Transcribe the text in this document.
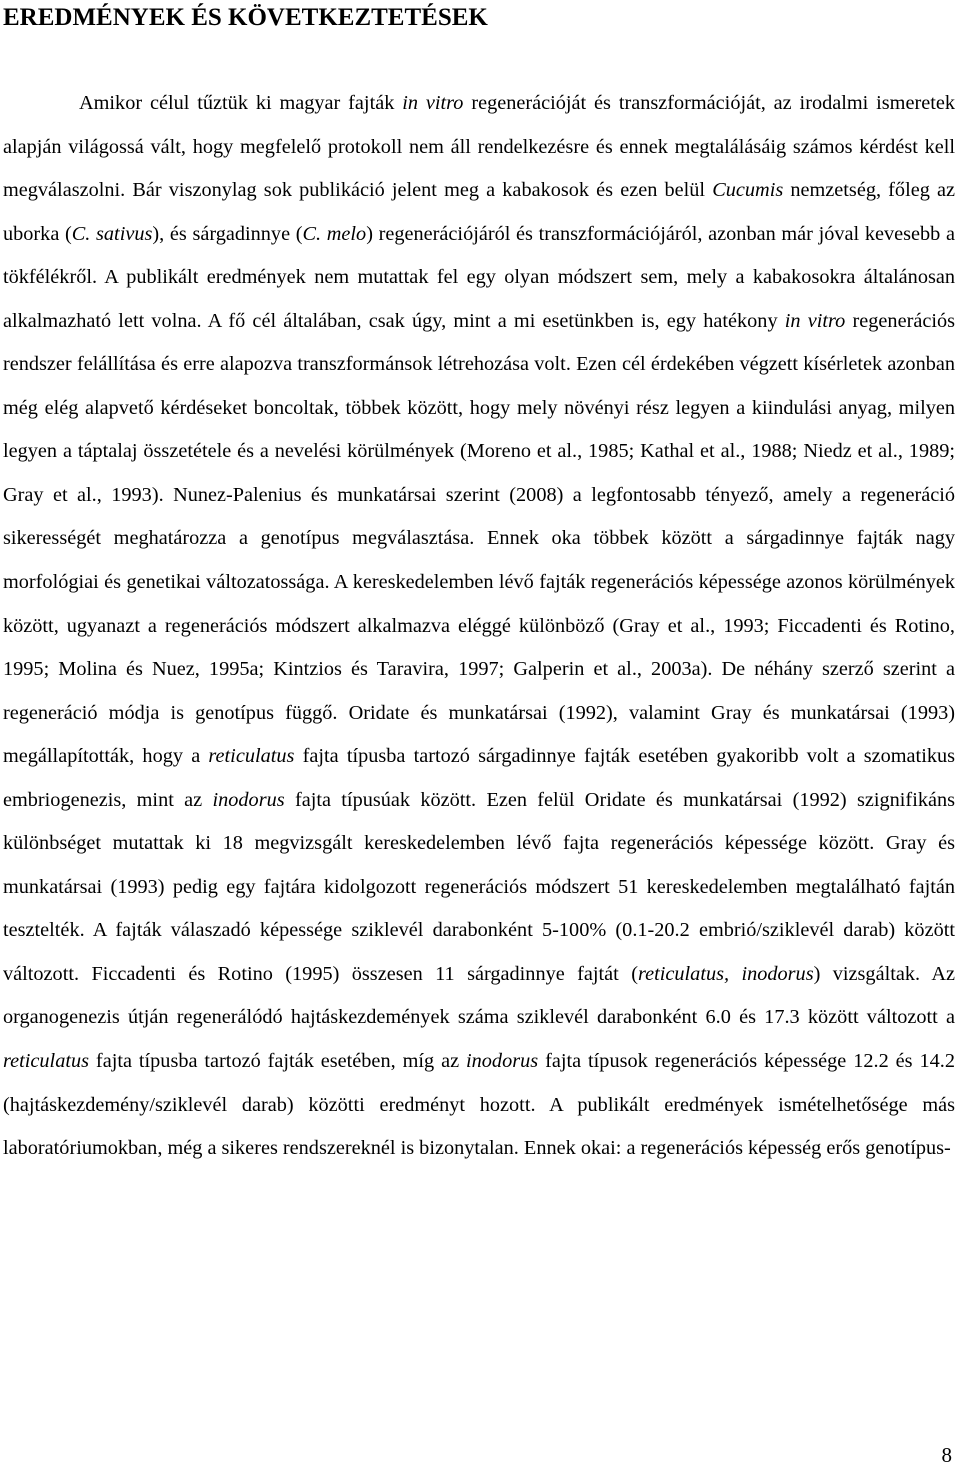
EREDMÉNYEK ÉS KÖVETKEZTETÉSEK

Amikor célul tűztük ki magyar fajták in vitro regenerációját és transzformációját, az irodalmi ismeretek alapján világossá vált, hogy megfelelő protokoll nem áll rendelkezésre és ennek megtalálásáig számos kérdést kell megválaszolni. Bár viszonylag sok publikáció jelent meg a kabakosok és ezen belül Cucumis nemzetség, főleg az uborka (C. sativus), és sárgadinnye (C. melo) regenerációjáról és transzformációjáról, azonban már jóval kevesebb a tökfélékről. A publikált eredmények nem mutattak fel egy olyan módszert sem, mely a kabakosokra általánosan alkalmazható lett volna. A fő cél általában, csak úgy, mint a mi esetünkben is, egy hatékony in vitro regenerációs rendszer felállítása és erre alapozva transzformánsok létrehozása volt. Ezen cél érdekében végzett kísérletek azonban még elég alapvető kérdéseket boncoltak, többek között, hogy mely növényi rész legyen a kiindulási anyag, milyen legyen a táptalaj összetétele és a nevelési körülmények (Moreno et al., 1985; Kathal et al., 1988; Niedz et al., 1989; Gray et al., 1993). Nunez-Palenius és munkatársai szerint (2008) a legfontosabb tényező, amely a regeneráció sikerességét meghatározza a genotípus megválasztása. Ennek oka többek között a sárgadinnye fajták nagy morfológiai és genetikai változatossága. A kereskedelemben lévő fajták regenerációs képessége azonos körülmények között, ugyanazt a regenerációs módszert alkalmazva eléggé különböző (Gray et al., 1993; Ficcadenti és Rotino, 1995; Molina és Nuez, 1995a; Kintzios és Taravira, 1997; Galperin et al., 2003a). De néhány szerző szerint a regeneráció módja is genotípus függő. Oridate és munkatársai (1992), valamint Gray és munkatársai (1993) megállapították, hogy a reticulatus fajta típusba tartozó sárgadinnye fajták esetében gyakoribb volt a szomatikus embriogenezis, mint az inodorus fajta típusúak között. Ezen felül Oridate és munkatársai (1992) szignifikáns különbséget mutattak ki 18 megvizsgált kereskedelemben lévő fajta regenerációs képessége között. Gray és munkatársai (1993) pedig egy fajtára kidolgozott regenerációs módszert 51 kereskedelemben megtalálható fajtán tesztelték. A fajták válaszadó képessége sziklevél darabonként 5-100% (0.1-20.2 embrió/sziklevél darab) között változott. Ficcadenti és Rotino (1995) összesen 11 sárgadinnye fajtát (reticulatus, inodorus) vizsgáltak. Az organogenezis útján regenerálódó hajtáskezdemények száma sziklevél darabonként 6.0 és 17.3 között változott a reticulatus fajta típusba tartozó fajták esetében, míg az inodorus fajta típusok regenerációs képessége 12.2 és 14.2 (hajtáskezdemény/sziklevél darab) közötti eredményt hozott. A publikált eredmények ismételhetősége más laboratóriumokban, még a sikeres rendszereknél is bizonytalan. Ennek okai: a regenerációs képesség erős genotípus-

8
